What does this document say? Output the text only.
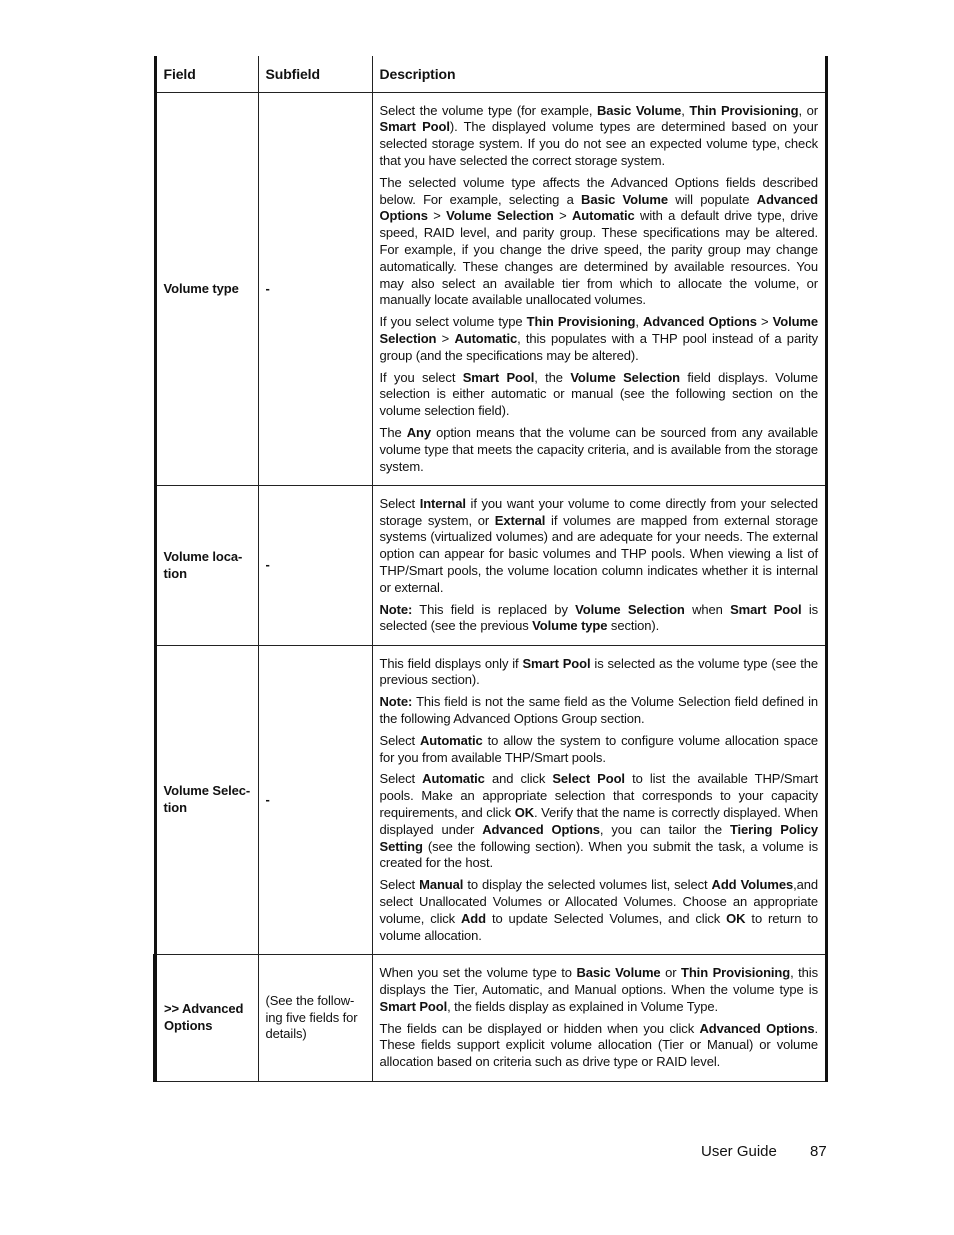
Field	Subfield	Description
Volume type	-	Select the volume type (for example, Basic Volume, Thin Provisioning, or Smart Pool). The displayed volume types are determined based on your selected storage system. If you do not see an expected volume type, check that you have selected the correct storage system.

The selected volume type affects the Advanced Options fields described below. For example, selecting a Basic Volume will populate Advanced Options > Volume Selection > Automatic with a default drive type, drive speed, RAID level, and parity group. These specifications may be altered. For example, if you change the drive speed, the parity group may change automatically. These changes are determined by available resources. You may also select an available tier from which to allocate the volume, or manually locate available unallocated volumes.

If you select volume type Thin Provisioning, Advanced Options > Volume Selection > Automatic, this populates with a THP pool instead of a parity group (and the specifications may be altered).

If you select Smart Pool, the Volume Selection field displays. Volume selection is either automatic or manual (see the following section on the volume selection field).

The Any option means that the volume can be sourced from any available volume type that meets the capacity criteria, and is available from the storage system.

Volume loca-tion	-	Select Internal if you want your volume to come directly from your selected storage system, or External if volumes are mapped from external storage systems (virtualized volumes) and are adequate for your needs. The external option can appear for basic volumes and THP pools. When viewing a list of THP/Smart pools, the volume location column indicates whether it is internal or external.

Note: This field is replaced by Volume Selection when Smart Pool is selected (see the previous Volume type section).

Volume Selec-tion	-	This field displays only if Smart Pool is selected as the volume type (see the previous section).

Note: This field is not the same field as the Volume Selection field defined in the following Advanced Options Group section.

Select Automatic to allow the system to configure volume allocation space for you from available THP/Smart pools.

Select Automatic and click Select Pool to list the available THP/Smart pools. Make an appropriate selection that corresponds to your capacity requirements, and click OK. Verify that the name is correctly displayed. When displayed under Advanced Options, you can tailor the Tiering Policy Setting (see the following section). When you submit the task, a volume is created for the host.

Select Manual to display the selected volumes list, select Add Volumes,and select Unallocated Volumes or Allocated Volumes. Choose an appropriate volume, click Add to update Selected Volumes, and click OK to return to volume allocation.

>> Advanced Options	(See the follow-ing five fields for details)	When you set the volume type to Basic Volume or Thin Provisioning, this displays the Tier, Automatic, and Manual options. When the volume type is Smart Pool, the fields display as explained in Volume Type.

The fields can be displayed or hidden when you click Advanced Options. These fields support explicit volume allocation (Tier or Manual) or volume allocation based on criteria such as drive type or RAID level.

User Guide 87
